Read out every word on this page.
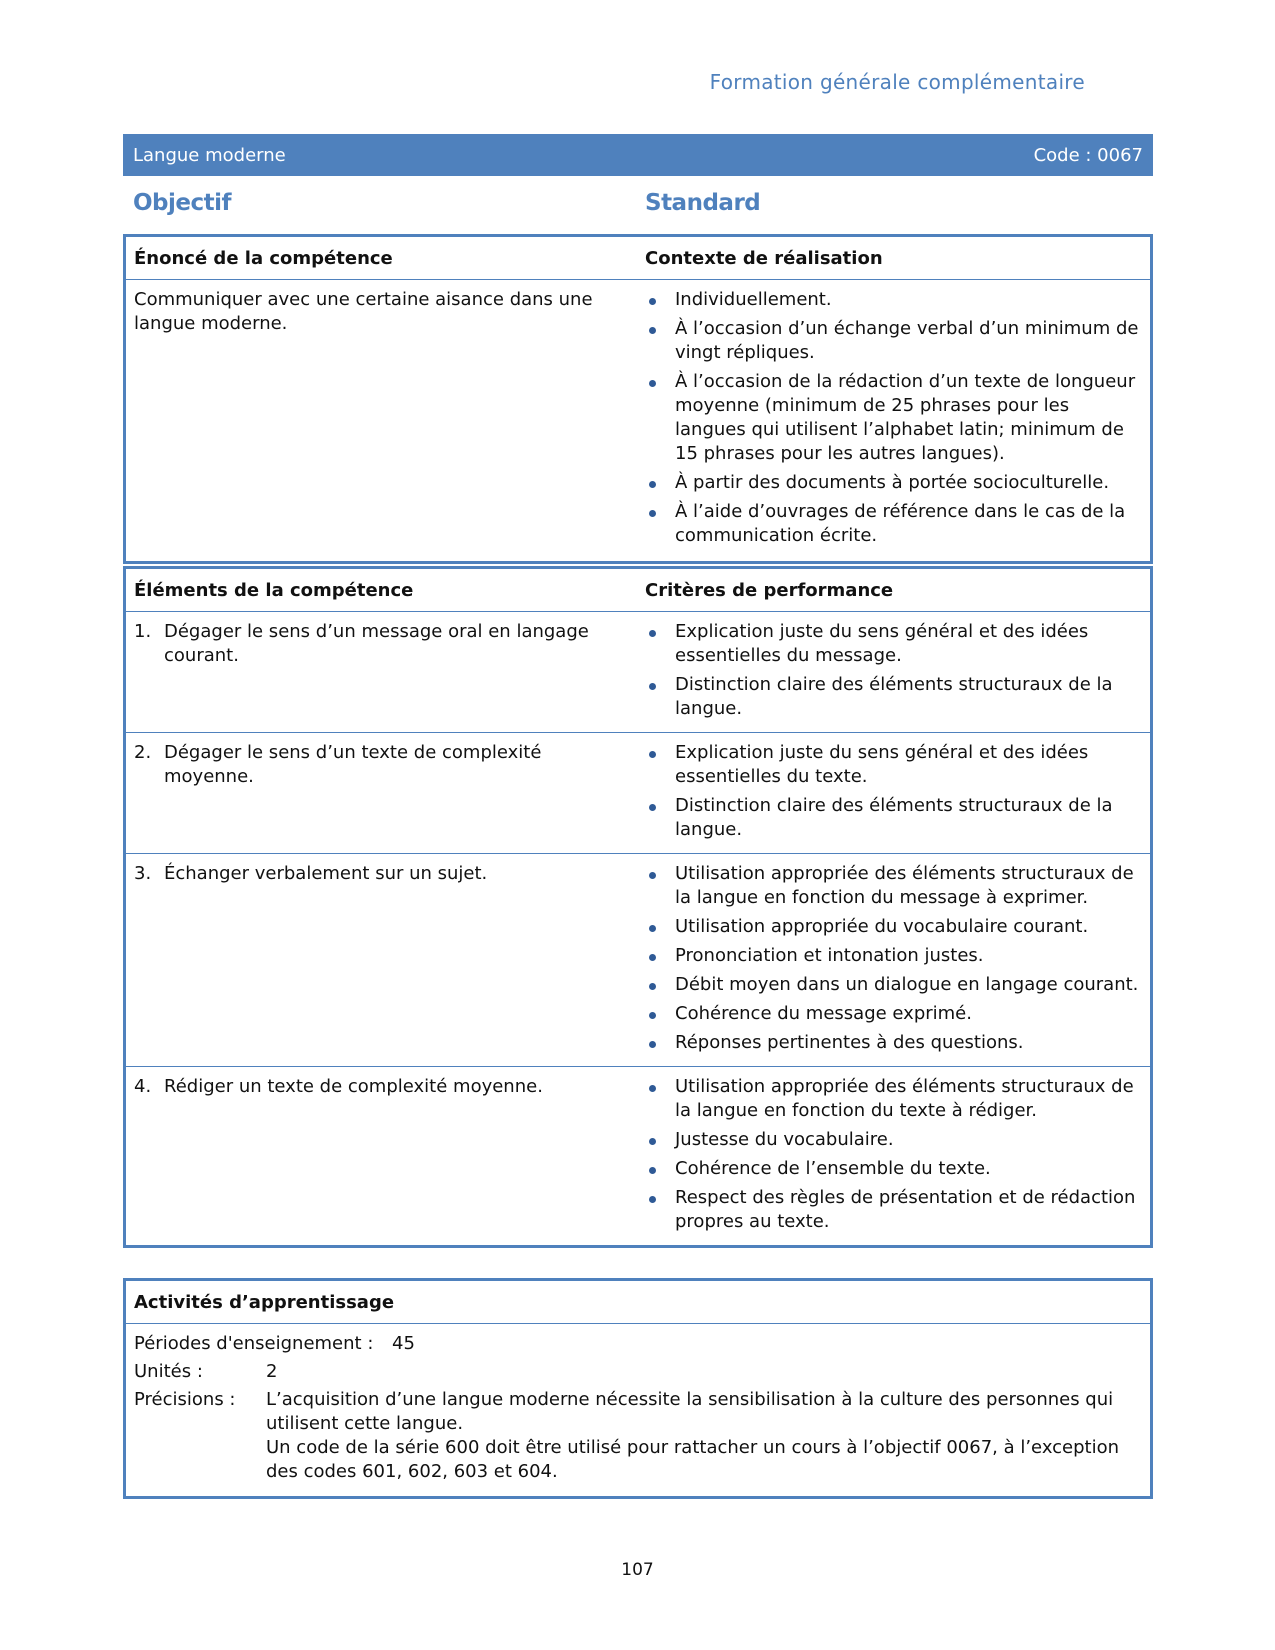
Formation générale complémentaire
Langue moderne	Code : 0067
Objectif	Standard
Énoncé de la compétence	Contexte de réalisation
Communiquer avec une certaine aisance dans une langue moderne.
Individuellement.
À l’occasion d’un échange verbal d’un minimum de vingt répliques.
À l’occasion de la rédaction d’un texte de longueur moyenne (minimum de 25 phrases pour les langues qui utilisent l’alphabet latin; minimum de 15 phrases pour les autres langues).
À partir des documents à portée socioculturelle.
À l’aide d’ouvrages de référence dans le cas de la communication écrite.
Éléments de la compétence	Critères de performance
1. Dégager le sens d’un message oral en langage courant.
Explication juste du sens général et des idées essentielles du message.
Distinction claire des éléments structuraux de la langue.
2. Dégager le sens d’un texte de complexité moyenne.
Explication juste du sens général et des idées essentielles du texte.
Distinction claire des éléments structuraux de la langue.
3. Échanger verbalement sur un sujet.	Utilisation appropriée des éléments structuraux de la langue en fonction du message à exprimer.
Utilisation appropriée du vocabulaire courant.
Prononciation et intonation justes.
Débit moyen dans un dialogue en langage courant.
Cohérence du message exprimé.
Réponses pertinentes à des questions.
4. Rédiger un texte de complexité moyenne.	Utilisation appropriée des éléments structuraux de la langue en fonction du texte à rédiger.
Justesse du vocabulaire.
Cohérence de l’ensemble du texte.
Respect des règles de présentation et de rédaction propres au texte.
Activités d’apprentissage
Périodes d'enseignement :	45
Unités :	2
Précisions :	L’acquisition d’une langue moderne nécessite la sensibilisation à la culture des personnes qui utilisent cette langue.
Un code de la série 600 doit être utilisé pour rattacher un cours à l’objectif 0067, à l’exception des codes 601, 602, 603 et 604.
107
